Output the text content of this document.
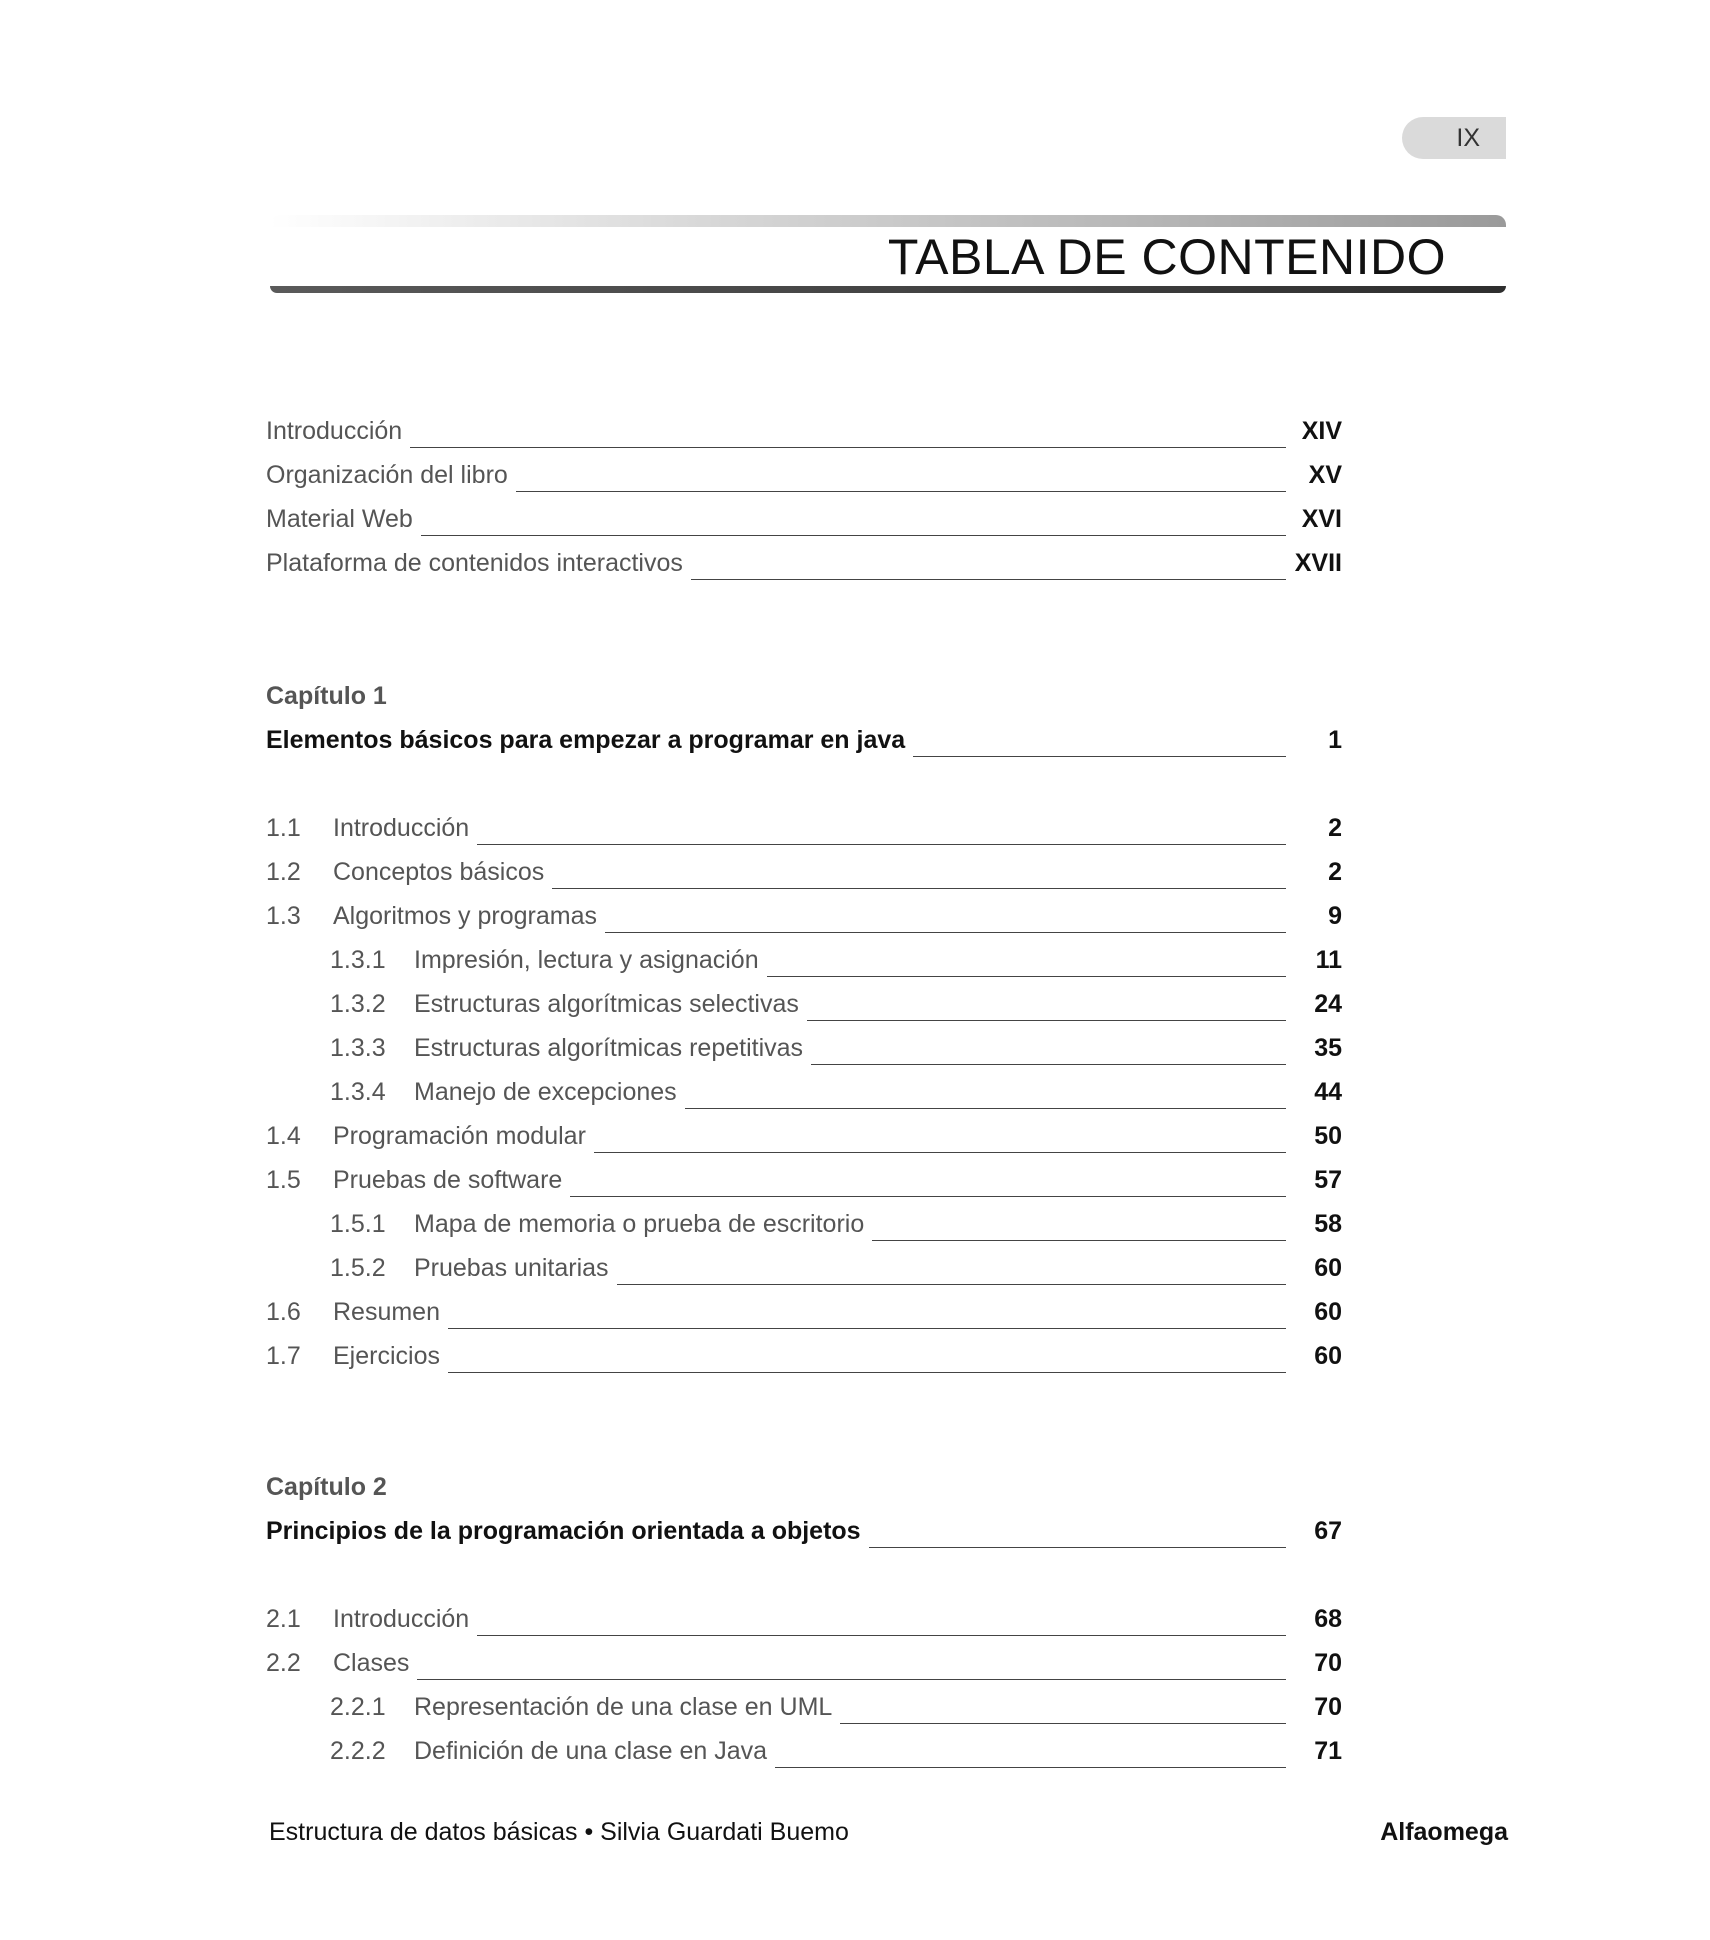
IX
TABLA DE CONTENIDO
Introducción	XIV
Organización del libro	XV
Material Web	XVI
Plataforma de contenidos interactivos	XVII
Capítulo 1
Elementos básicos para empezar a programar en java	1
1.1	Introducción	2
1.2	Conceptos básicos	2
1.3	Algoritmos y programas	9
1.3.1	Impresión, lectura y asignación	11
1.3.2	Estructuras algorítmicas selectivas	24
1.3.3	Estructuras algorítmicas repetitivas	35
1.3.4	Manejo de excepciones	44
1.4	Programación modular	50
1.5	Pruebas de software	57
1.5.1	Mapa de memoria o prueba de escritorio	58
1.5.2	Pruebas unitarias	60
1.6	Resumen	60
1.7	Ejercicios	60
Capítulo 2
Principios de la programación orientada a objetos	67
2.1	Introducción	68
2.2	Clases	70
2.2.1	Representación de una clase en UML	70
2.2.2	Definición de una clase en Java	71
Estructura de datos básicas • Silvia Guardati Buemo	Alfaomega
